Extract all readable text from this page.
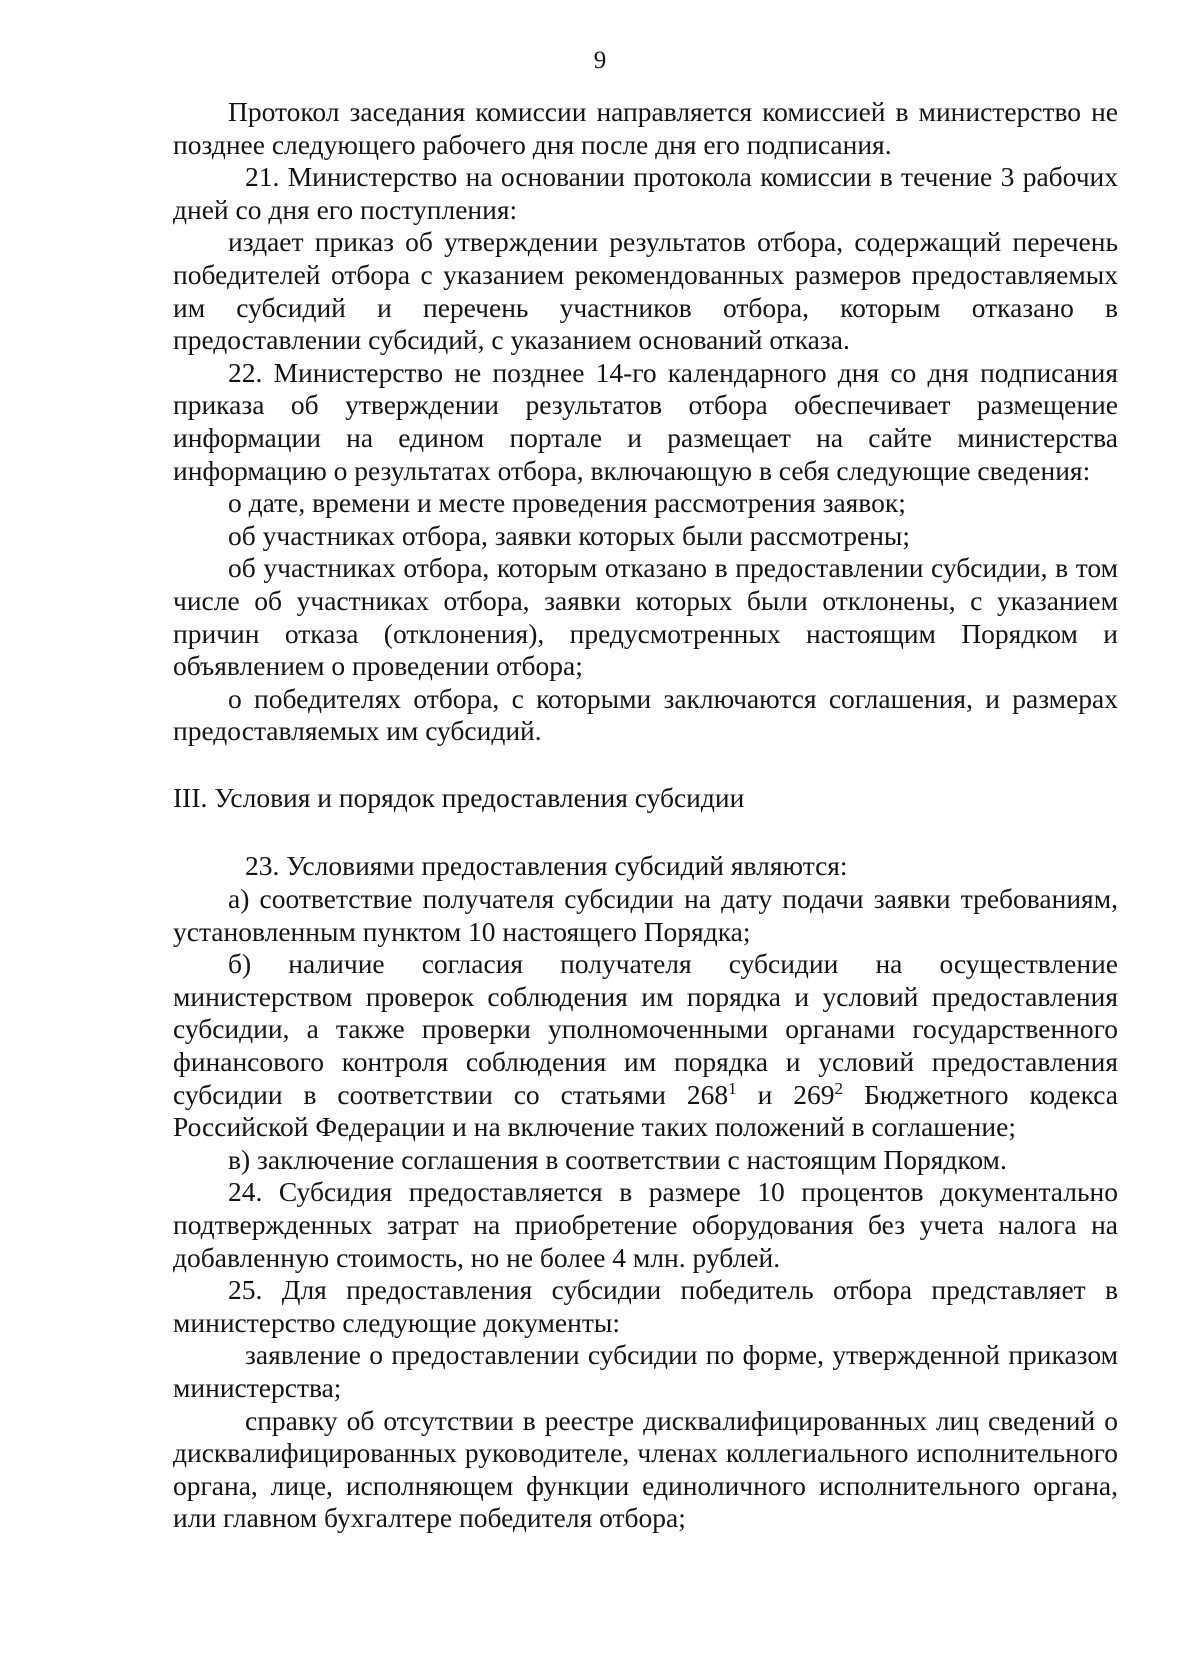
9

Протокол заседания комиссии направляется комиссией в министерство не позднее следующего рабочего дня после дня его подписания.

21. Министерство на основании протокола комиссии в течение 3 рабочих дней со дня его поступления:

издает приказ об утверждении результатов отбора, содержащий перечень победителей отбора с указанием рекомендованных размеров предоставляемых им субсидий и перечень участников отбора, которым отказано в предоставлении субсидий, с указанием оснований отказа.

22. Министерство не позднее 14-го календарного дня со дня подписания приказа об утверждении результатов отбора обеспечивает размещение информации на едином портале и размещает на сайте министерства информацию о результатах отбора, включающую в себя следующие сведения:

о дате, времени и месте проведения рассмотрения заявок;

об участниках отбора, заявки которых были рассмотрены;

об участниках отбора, которым отказано в предоставлении субсидии, в том числе об участниках отбора, заявки которых были отклонены, с указанием причин отказа (отклонения), предусмотренных настоящим Порядком и объявлением о проведении отбора;

о победителях отбора, с которыми заключаются соглашения, и размерах предоставляемых им субсидий.

III. Условия и порядок предоставления субсидии

23. Условиями предоставления субсидий являются:

а) соответствие получателя субсидии на дату подачи заявки требованиям, установленным пунктом 10 настоящего Порядка;

б) наличие согласия получателя субсидии на осуществление министерством проверок соблюдения им порядка и условий предоставления субсидии, а также проверки уполномоченными органами государственного финансового контроля соблюдения им порядка и условий предоставления субсидии в соответствии со статьями $268^1$ и $269^2$ Бюджетного кодекса Российской Федерации и на включение таких положений в соглашение;

в) заключение соглашения в соответствии с настоящим Порядком.

24. Субсидия предоставляется в размере 10 процентов документально подтвержденных затрат на приобретение оборудования без учета налога на добавленную стоимость, но не более 4 млн. рублей.

25. Для предоставления субсидии победитель отбора представляет в министерство следующие документы:

заявление о предоставлении субсидии по форме, утвержденной приказом министерства;

справку об отсутствии в реестре дисквалифицированных лиц сведений о дисквалифицированных руководителе, членах коллегиального исполнительного органа, лице, исполняющем функции единоличного исполнительного органа, или главном бухгалтере победителя отбора;
